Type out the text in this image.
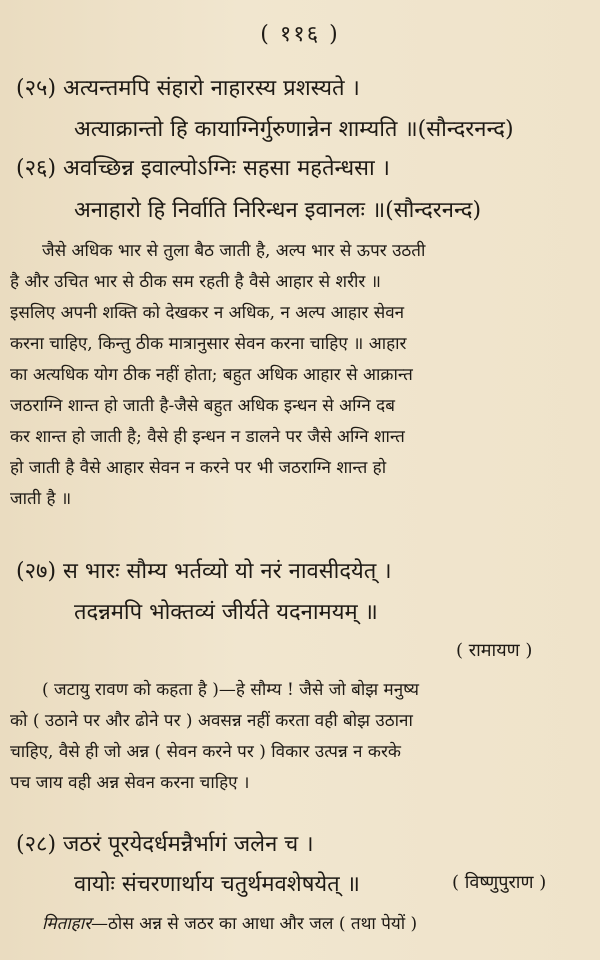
( ११६ )
(२५) अत्यन्तमपि संहारो नाहारस्य प्रशस्यते ।
अत्याक्रान्तो हि कायाग्निर्गुरुणान्नेन शाम्यति ॥(सौन्दरनन्द)
(२६) अवच्छिन्न इवाल्पोऽग्निः सहसा महतेन्धसा ।
अनाहारो हि निर्वाति निरिन्धन इवानलः ॥(सौन्दरनन्द)
जैसे अधिक भार से तुला बैठ जाती है, अल्प भार से ऊपर उठती
है और उचित भार से ठीक सम रहती है वैसे आहार से शरीर ॥
इसलिए अपनी शक्ति को देखकर न अधिक, न अल्प आहार सेवन
करना चाहिए, किन्तु ठीक मात्रानुसार सेवन करना चाहिए ॥ आहार
का अत्यधिक योग ठीक नहीं होता; बहुत अधिक आहार से आक्रान्त
जठराग्नि शान्त हो जाती है-जैसे बहुत अधिक इन्धन से अग्नि दब
कर शान्त हो जाती है; वैसे ही इन्धन न डालने पर जैसे अग्नि शान्त
हो जाती है वैसे आहार सेवन न करने पर भी जठराग्नि शान्त हो
जाती है ॥
(२७) स भारः सौम्य भर्तव्यो यो नरं नावसीदयेत् ।
तदन्नमपि भोक्तव्यं जीर्यते यदनामयम् ॥
( रामायण )
( जटायु रावण को कहता है )—हे सौम्य ! जैसे जो बोझ मनुष्य
को ( उठाने पर और ढोने पर ) अवसन्न नहीं करता वही बोझ उठाना
चाहिए, वैसे ही जो अन्न ( सेवन करने पर ) विकार उत्पन्न न करके
पच जाय वही अन्न सेवन करना चाहिए ।
(२८) जठरं पूरयेदर्धमन्नैर्भागं जलेन च ।
वायोः संचरणार्थाय चतुर्थमवशेषयेत् ॥	( विष्णुपुराण )
मिताहार—ठोस अन्न से जठर का आधा और जल ( तथा पेयों )
